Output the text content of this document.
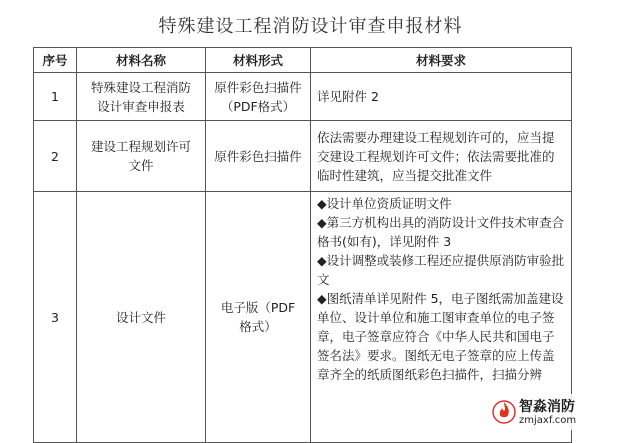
特殊建设工程消防设计审查申报材料
序号	材料名称	材料形式	材料要求
1	特殊建设工程消防设计审查申报表	原件彩色扫描件（PDF格式）	详见附件 2

2	建设工程规划许可文件	原件彩色扫描件	依法需要办理建设工程规划许可的，应当提交建设工程规划许可文件；依法需要批准的临时性建筑，应当提交批准文件

3	设计文件	电子版（PDF格式）	◆设计单位资质证明文件

◆第三方机构出具的消防设计文件技术审查合格书(如有)，详见附件 3

◆设计调整或装修工程还应提供原消防审验批文

◆图纸清单详见附件 5，电子图纸需加盖建设单位、设计单位和施工图审查单位的电子签章，电子签章应符合《中华人民共和国电子签名法》要求。图纸无电子签章的应上传盖章齐全的纸质图纸彩色扫描件，扫描分辨

智淼消防
zmjaxf.com
